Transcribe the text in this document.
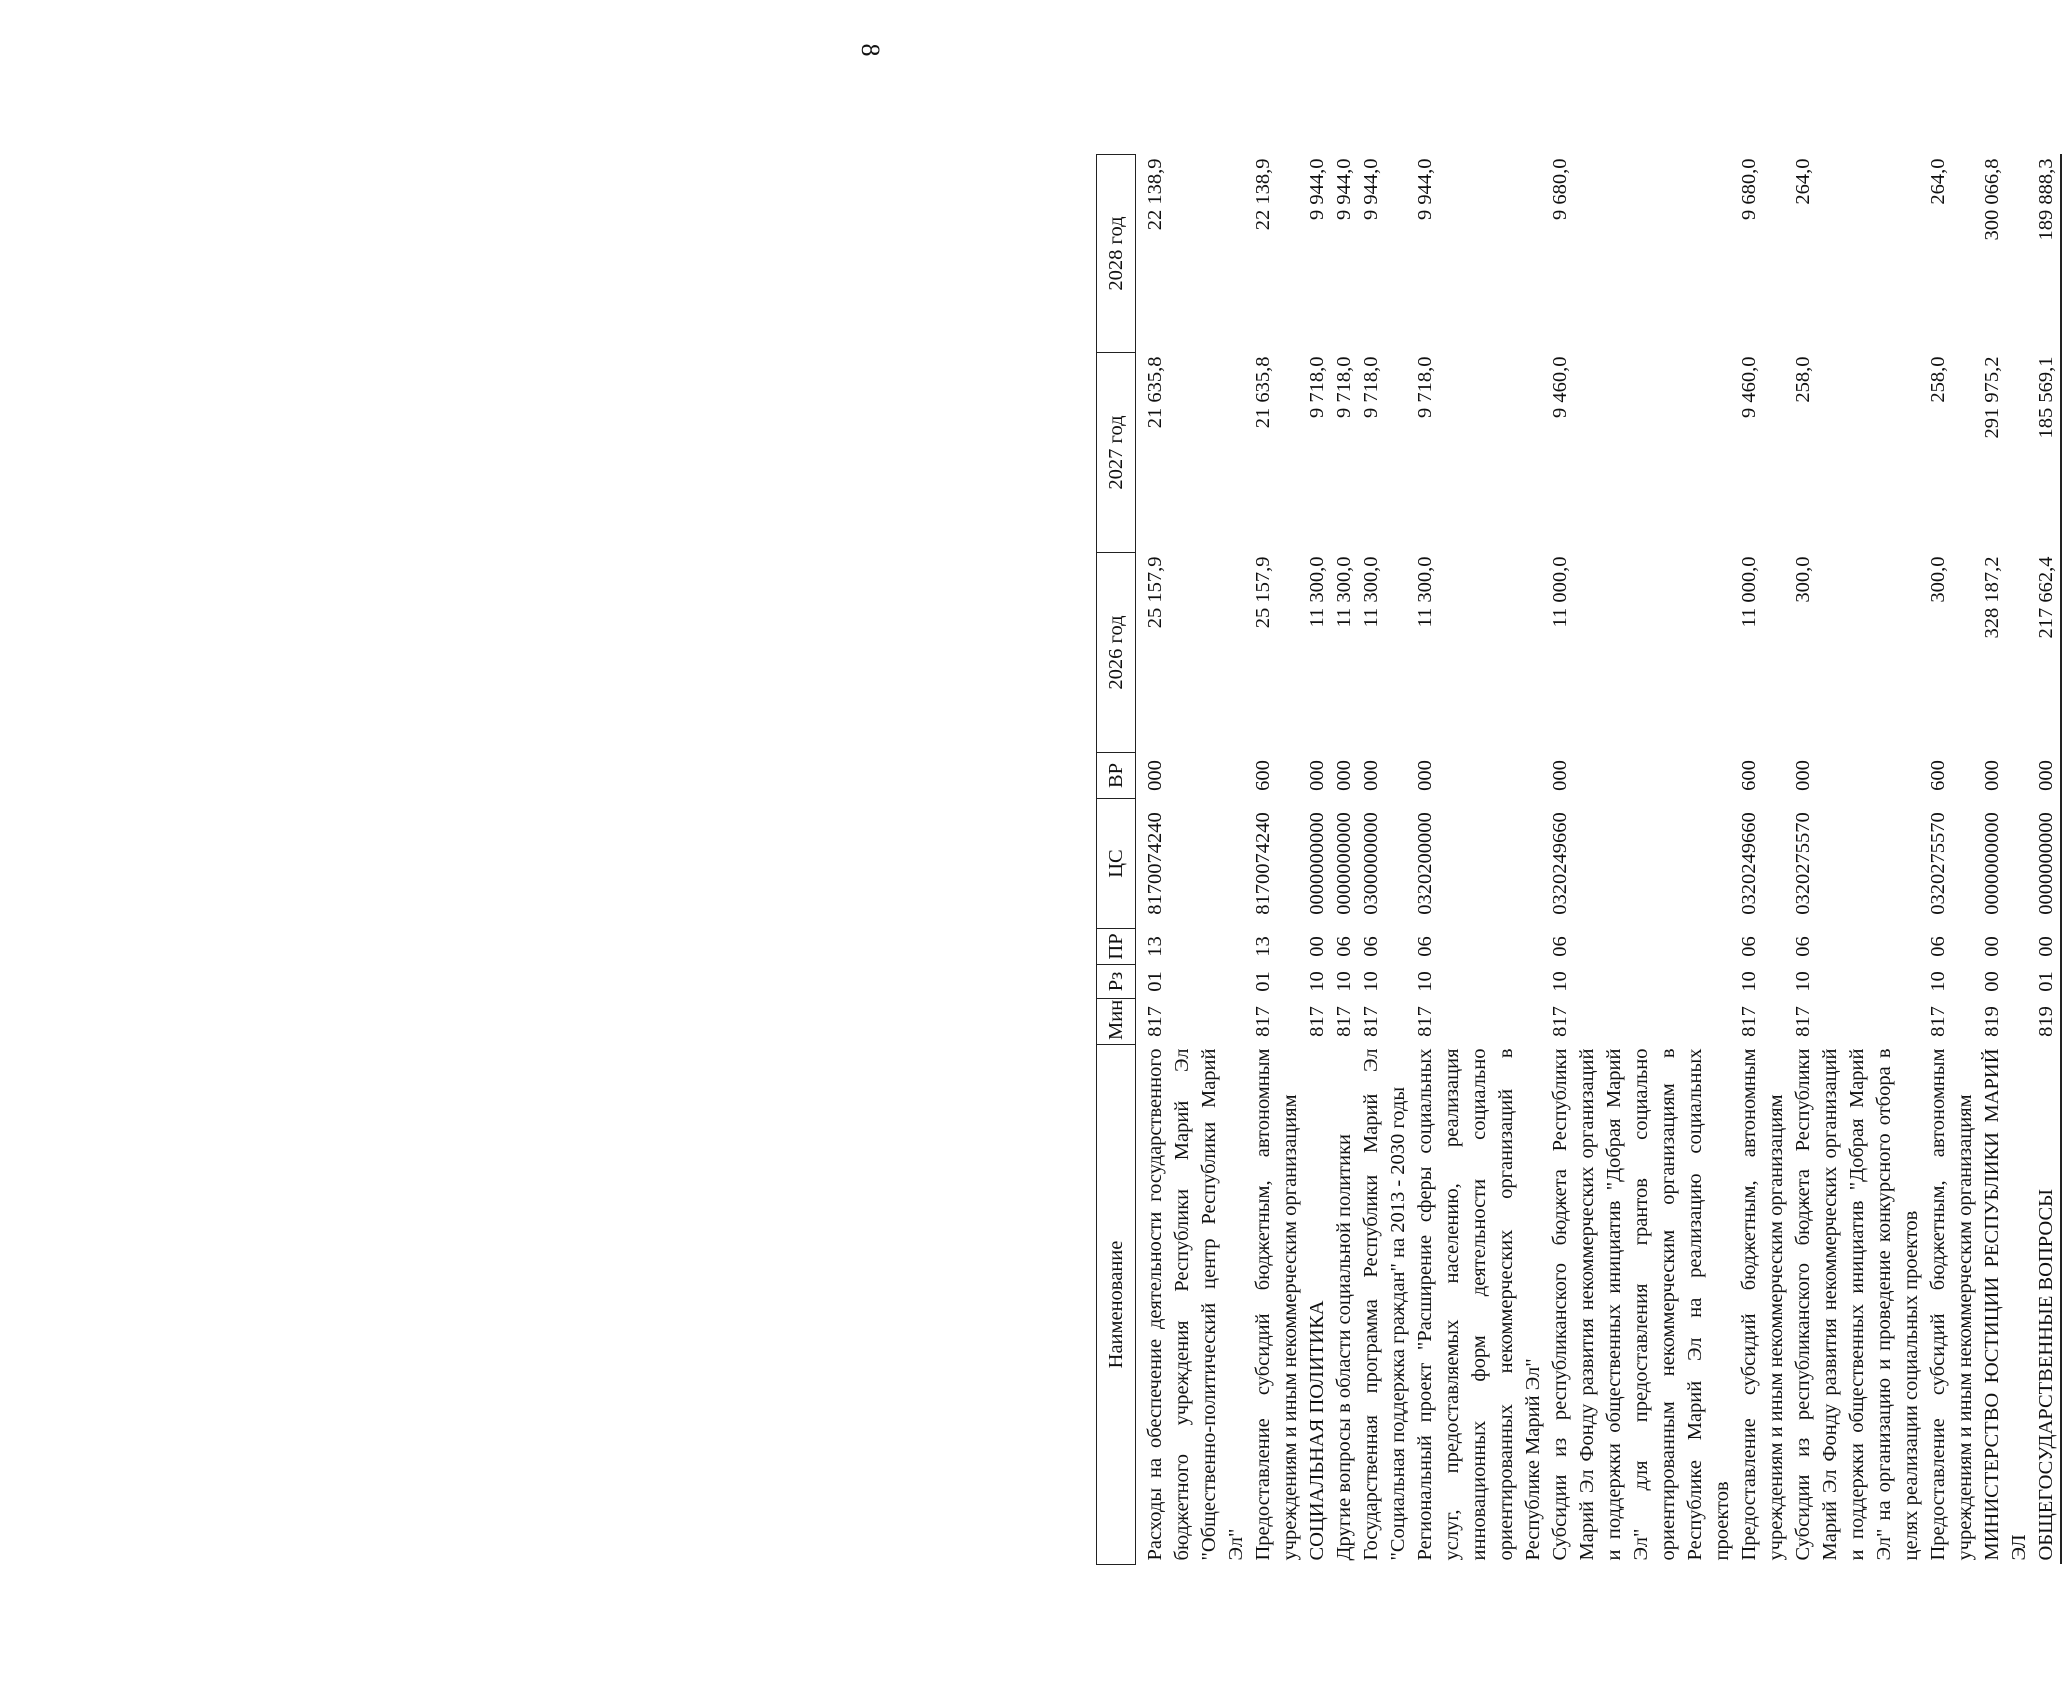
8
Наименование	Мин	Рз	ПР	ЦС	ВР	2026 год	2027 год	2028 год

Расходы на обеспечение деятельности государственного бюджетного учреждения Республики Марий Эл "Общественно-политический центр Республики Марий Эл"	817	01	13	8170074240	000	25 157,9	21 635,8	22 138,9
Предоставление субсидий бюджетным, автономным учреждениям и иным некоммерческим организациям	817	01	13	8170074240	600	25 157,9	21 635,8	22 138,9
СОЦИАЛЬНАЯ ПОЛИТИКА	817	10	00	0000000000	000	11 300,0	9 718,0	9 944,0
Другие вопросы в области социальной политики	817	10	06	0000000000	000	11 300,0	9 718,0	9 944,0
Государственная программа Республики Марий Эл "Социальная поддержка граждан" на 2013 - 2030 годы	817	10	06	0300000000	000	11 300,0	9 718,0	9 944,0
Региональный проект "Расширение сферы социальных услуг, предоставляемых населению, реализация инновационных форм деятельности социально ориентированных некоммерческих организаций в Республике Марий Эл"	817	10	06	0320200000	000	11 300,0	9 718,0	9 944,0
Субсидии из республиканского бюджета Республики Марий Эл Фонду развития некоммерческих организаций и поддержки общественных инициатив "Добрая Марий Эл" для предоставления грантов социально ориентированным некоммерческим организациям в Республике Марий Эл на реализацию социальных проектов	817	10	06	0320249660	000	11 000,0	9 460,0	9 680,0
Предоставление субсидий бюджетным, автономным учреждениям и иным некоммерческим организациям	817	10	06	0320249660	600	11 000,0	9 460,0	9 680,0
Субсидии из республиканского бюджета Республики Марий Эл Фонду развития некоммерческих организаций и поддержки общественных инициатив "Добрая Марий Эл" на организацию и проведение конкурсного отбора в целях реализации социальных проектов	817	10	06	0320275570	000	300,0	258,0	264,0
Предоставление субсидий бюджетным, автономным учреждениям и иным некоммерческим организациям	817	10	06	0320275570	600	300,0	258,0	264,0
МИНИСТЕРСТВО ЮСТИЦИИ РЕСПУБЛИКИ МАРИЙ ЭЛ	819	00	00	0000000000	000	328 187,2	291 975,2	300 066,8
ОБЩЕГОСУДАРСТВЕННЫЕ ВОПРОСЫ	819	01	00	0000000000	000	217 662,4	185 569,1	189 888,3
